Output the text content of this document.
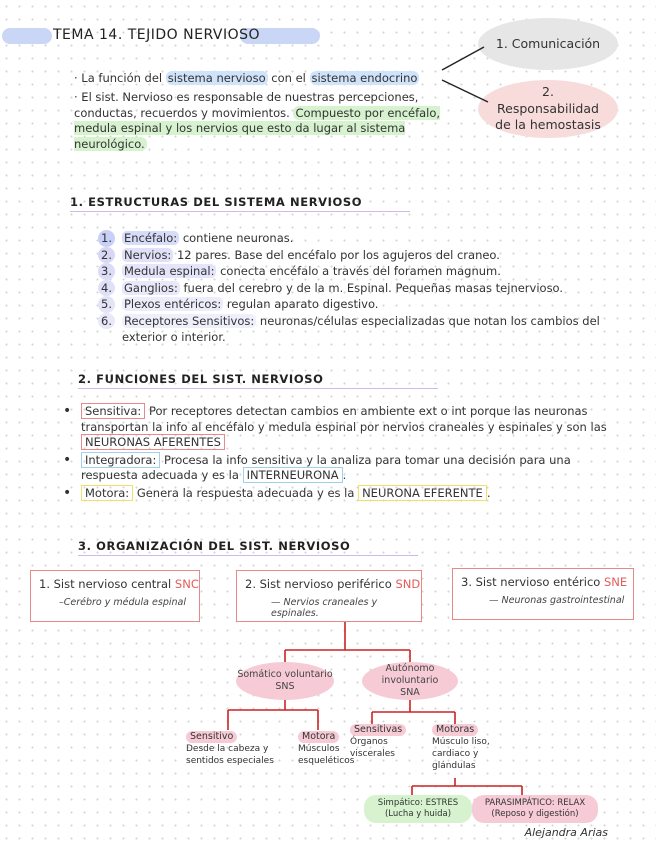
TEMA 14. TEJIDO NERVIOSO
1. Comunicación
2. Responsabilidad de la hemostasis
· La función del sistema nervioso con el sistema endocrino
· El sist. Nervioso es responsable de nuestras percepciones, conductas, recuerdos y movimientos. Compuesto por encéfalo, medula espinal y los nervios que esto da lugar al sistema neurológico.
1. ESTRUCTURAS DEL SISTEMA NERVIOSO
1. Encéfalo: contiene neuronas.
2. Nervios: 12 pares. Base del encéfalo por los agujeros del craneo.
3. Medula espinal: conecta encéfalo a través del foramen magnum.
4. Ganglios: fuera del cerebro y de la m. Espinal. Pequeñas masas tejnervioso.
5. Plexos entéricos: regulan aparato digestivo.
6. Receptores Sensitivos: neuronas/células especializadas que notan los cambios del exterior o interior.
2. FUNCIONES DEL SIST. NERVIOSO
• Sensitiva: Por receptores detectan cambios en ambiente ext o int porque las neuronas transportan la info al encéfalo y medula espinal por nervios craneales y espinales y son las NEURONAS AFERENTES
• Integradora: Procesa la info sensitiva y la analiza para tomar una decisión para una respuesta adecuada y es la INTERNEURONA .
• Motora: Genera la respuesta adecuada y es la NEURONA EFERENTE .
3. ORGANIZACIÓN DEL SIST. NERVIOSO
1. Sist nervioso central SNC
–Cerébro y médula espinal
2. Sist nervioso periférico SND
— Nervios craneales y espinales.
3. Sist nervioso entérico SNE
— Neuronas gastrointestinal
Somático voluntario
SNS
Autónomo involuntario
SNA
Sensitivo
Desde la cabeza y sentidos especiales
Motora
Músculos esqueléticos
Sensitivas
Órganos viscerales
Motoras
Músculo liso, cardiaco y glándulas
Simpático: ESTRES
(Lucha y huida)
PARASIMPÁTICO: RELAX
(Reposo y digestión)
Alejandra Arias
